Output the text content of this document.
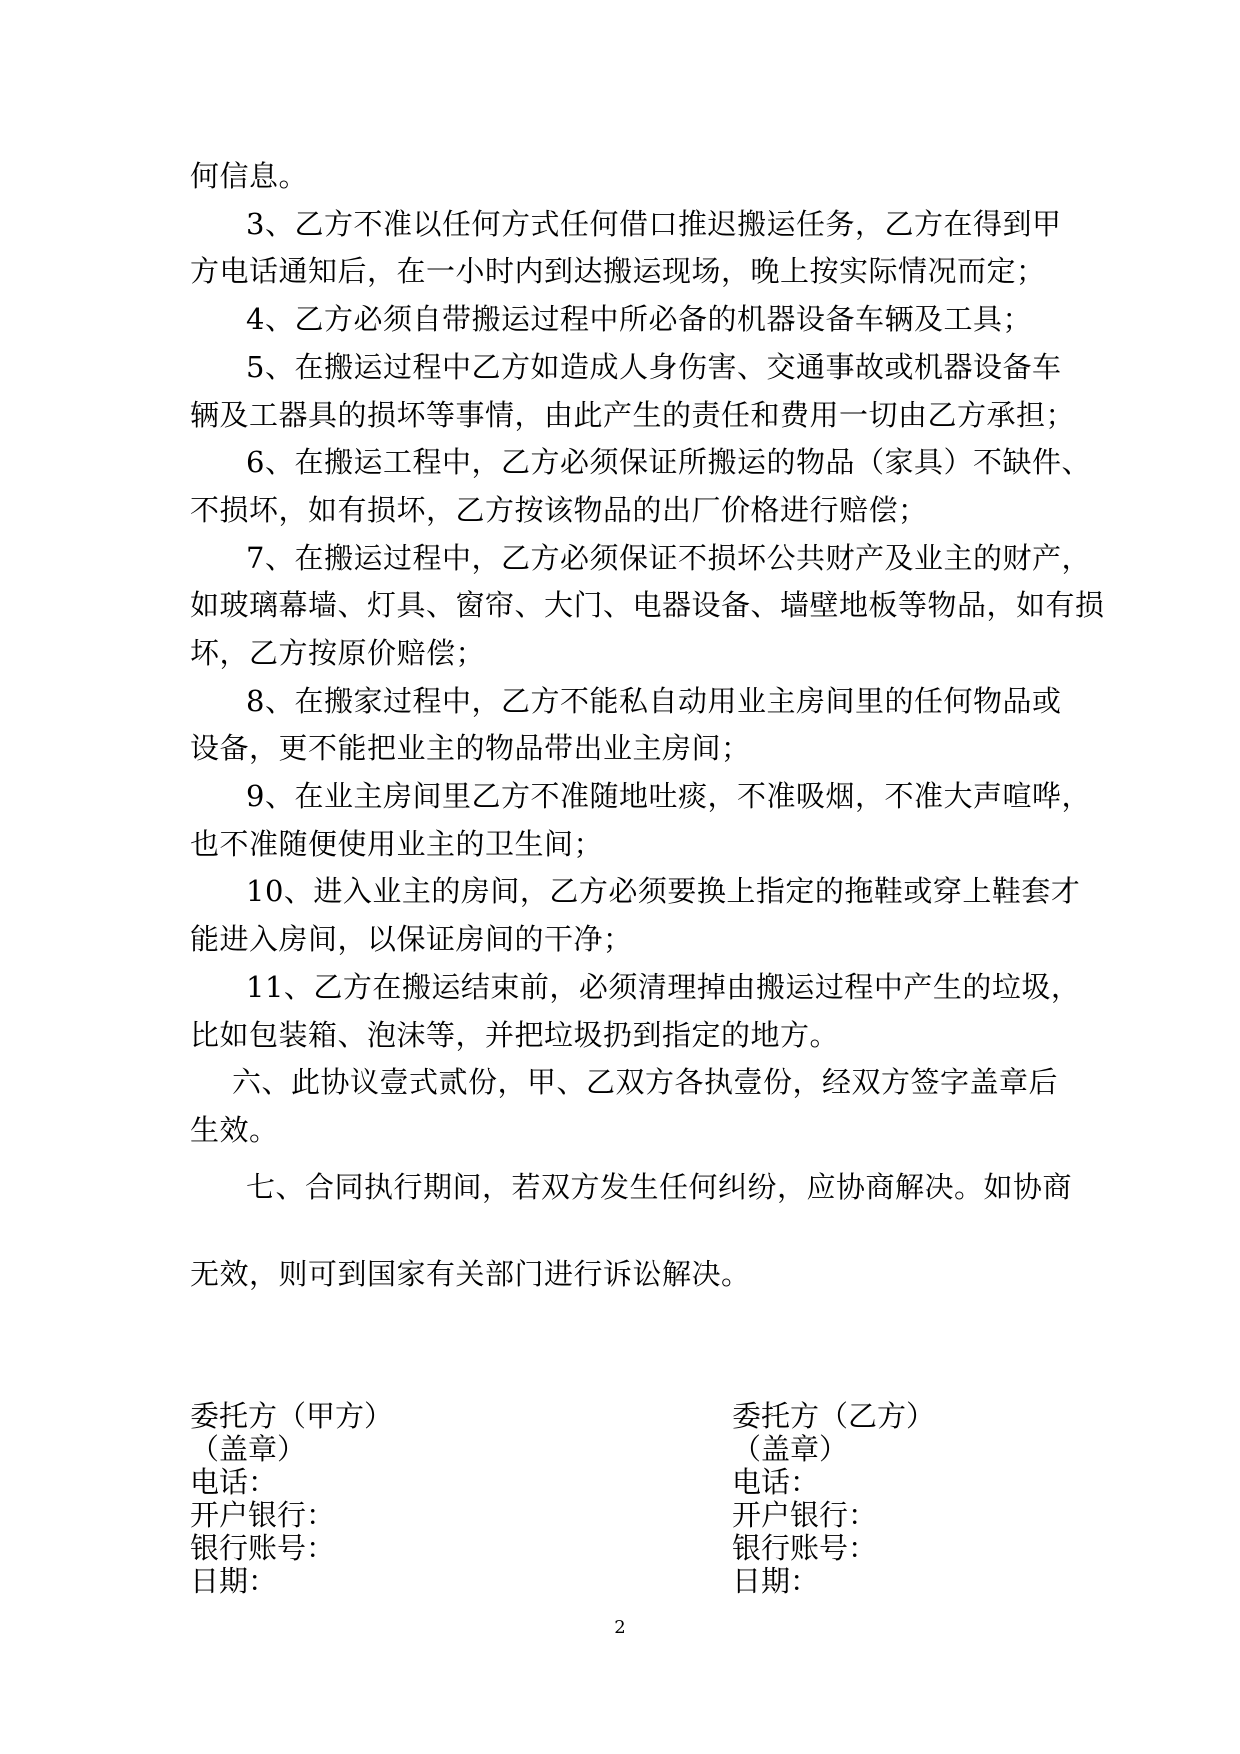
何信息。
3、乙方不准以任何方式任何借口推迟搬运任务，乙方在得到甲
方电话通知后，在一小时内到达搬运现场，晚上按实际情况而定；
4、乙方必须自带搬运过程中所必备的机器设备车辆及工具；
5、在搬运过程中乙方如造成人身伤害、交通事故或机器设备车
辆及工器具的损坏等事情，由此产生的责任和费用一切由乙方承担；
6、在搬运工程中，乙方必须保证所搬运的物品（家具）不缺件、
不损坏，如有损坏，乙方按该物品的出厂价格进行赔偿；
7、在搬运过程中，乙方必须保证不损坏公共财产及业主的财产，
如玻璃幕墙、灯具、窗帘、大门、电器设备、墙壁地板等物品，如有损
坏，乙方按原价赔偿；
8、在搬家过程中，乙方不能私自动用业主房间里的任何物品或
设备，更不能把业主的物品带出业主房间；
9、在业主房间里乙方不准随地吐痰，不准吸烟，不准大声喧哗，
也不准随便使用业主的卫生间；
10、进入业主的房间，乙方必须要换上指定的拖鞋或穿上鞋套才
能进入房间，以保证房间的干净；
11、乙方在搬运结束前，必须清理掉由搬运过程中产生的垃圾，
比如包装箱、泡沫等，并把垃圾扔到指定的地方。
六、此协议壹式贰份，甲、乙双方各执壹份，经双方签字盖章后
生效。
七、合同执行期间，若双方发生任何纠纷，应协商解决。如协商
无效，则可到国家有关部门进行诉讼解决。
委托方（甲方）
（盖章）
电话：
开户银行：
银行账号：
日期：
委托方（乙方）
（盖章）
电话：
开户银行：
银行账号：
日期：
2
